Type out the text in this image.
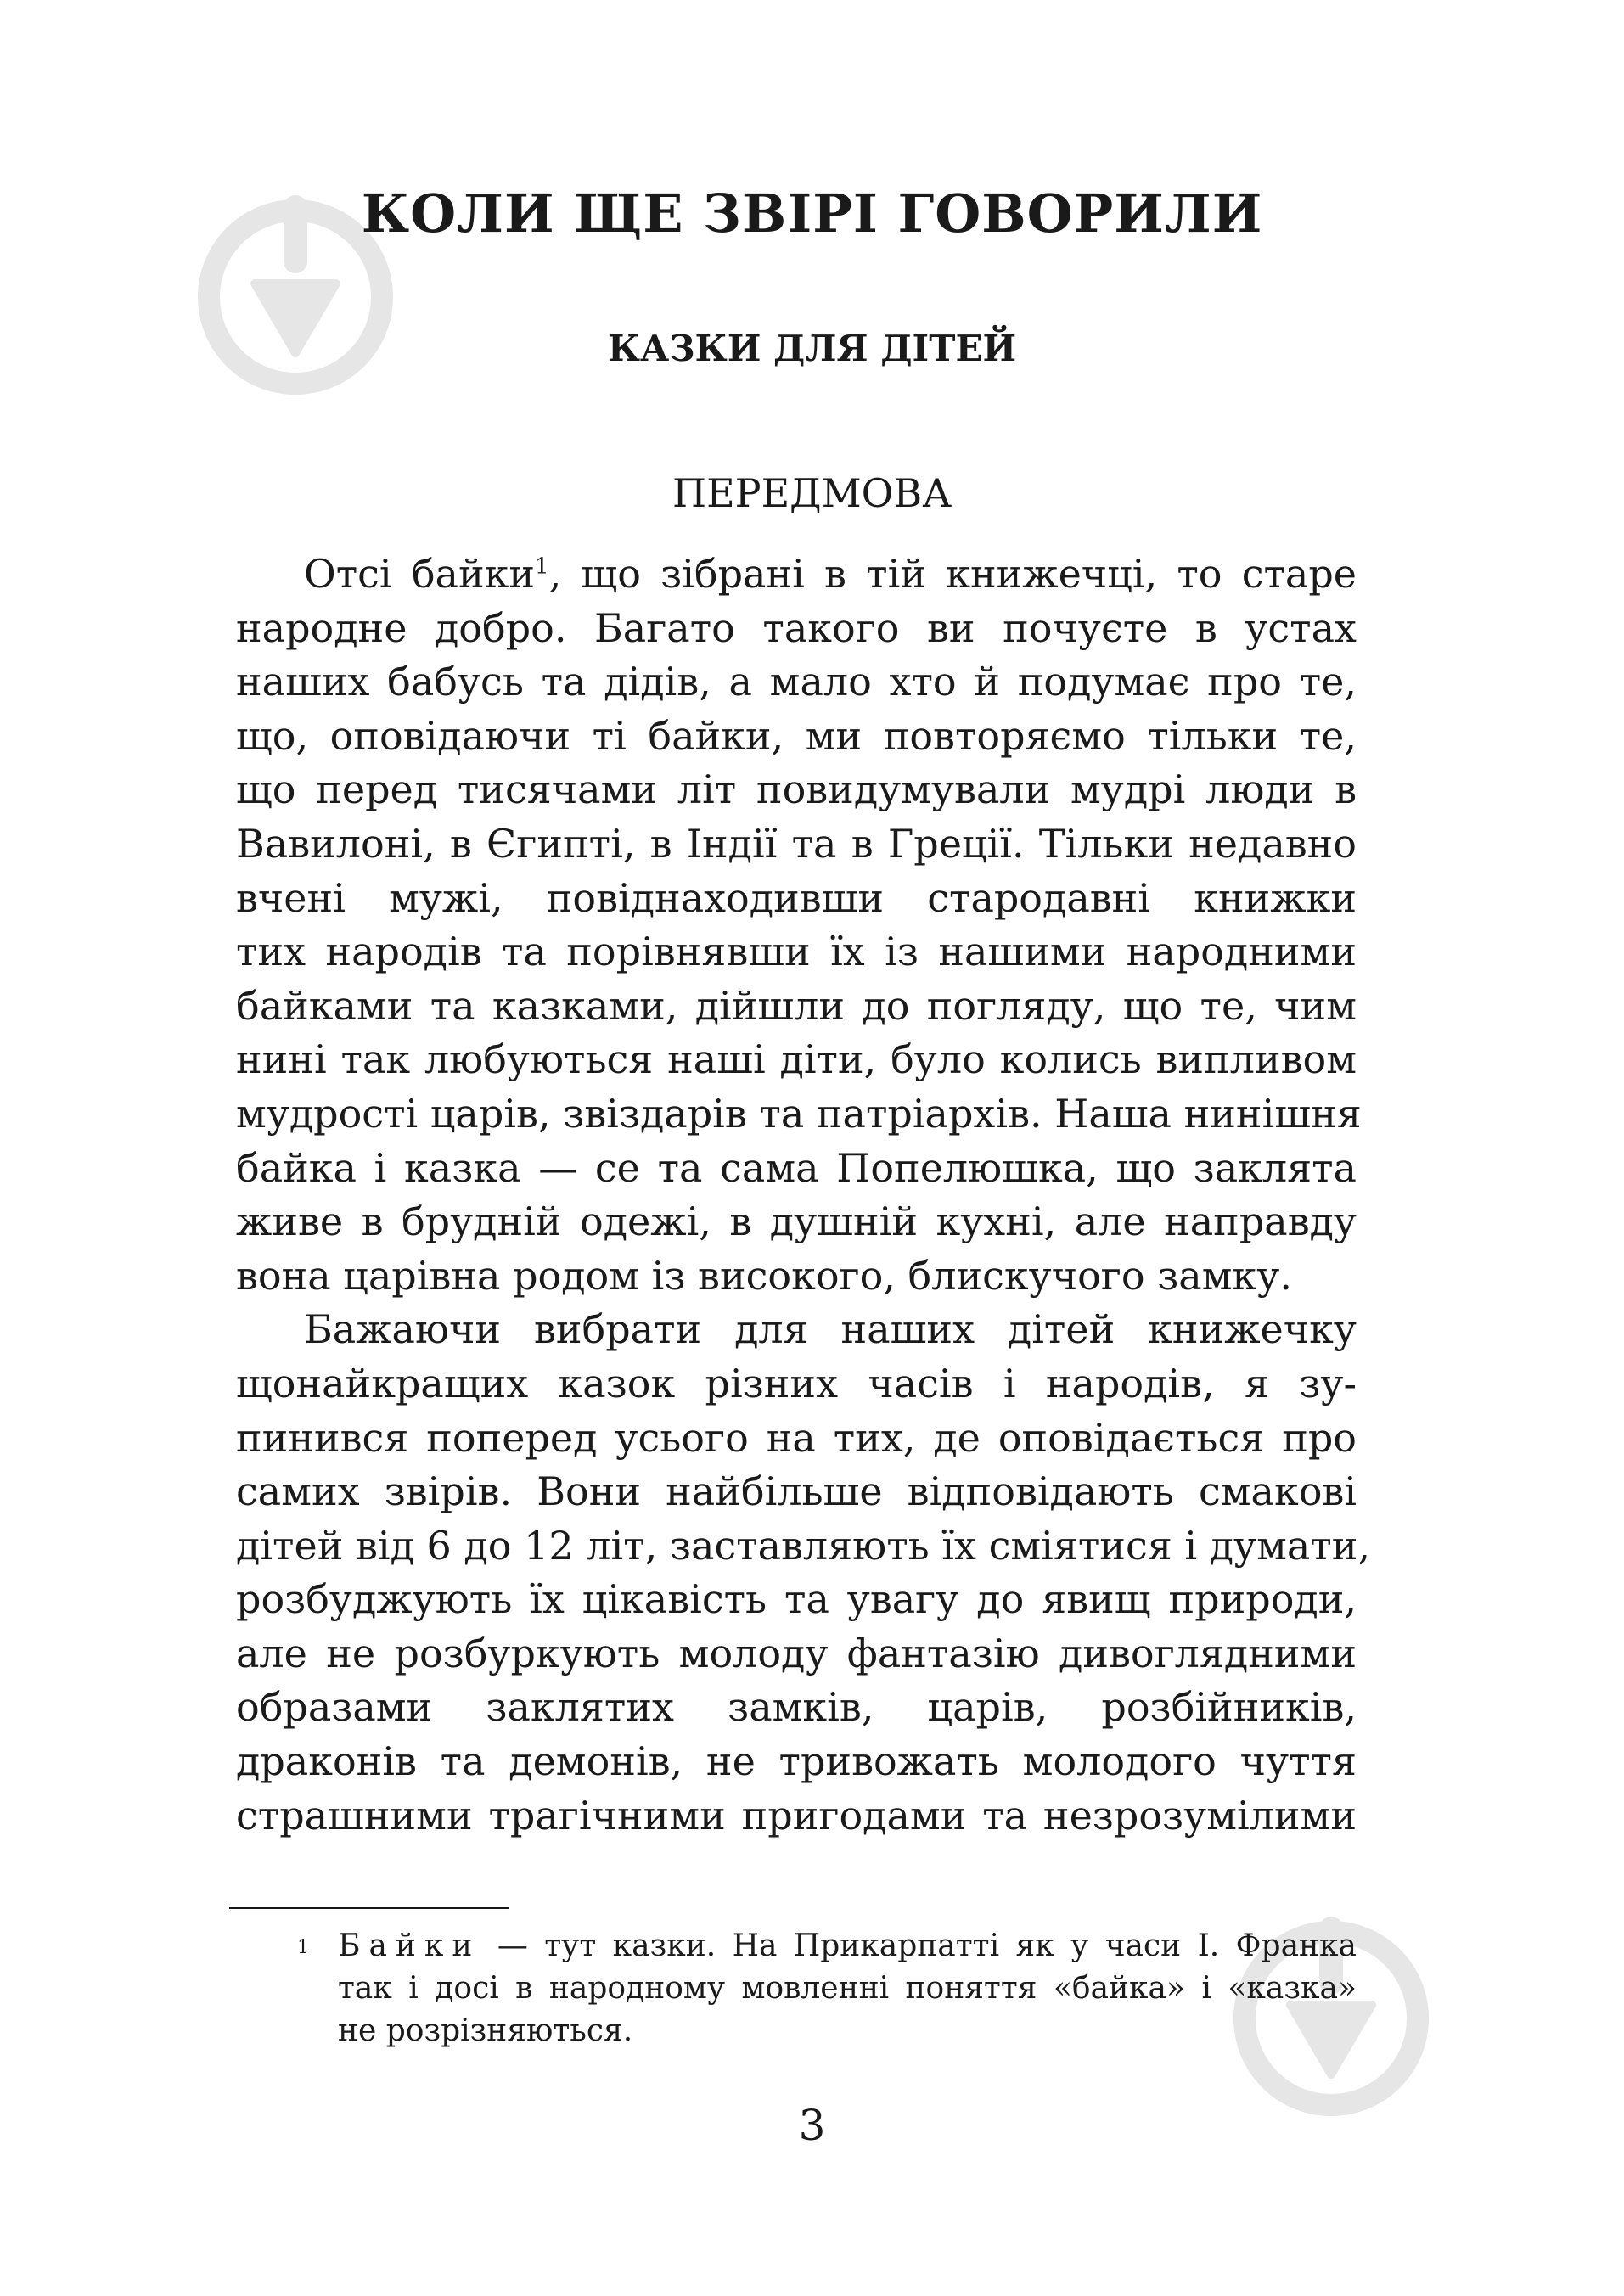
КОЛИ ЩЕ ЗВІРІ ГОВОРИЛИ
КАЗКИ ДЛЯ ДІТЕЙ
ПЕРЕДМОВА
Отсі байки$^1$, що зібрані в тій книжечці, то старе
народне добро. Багато такого ви почуєте в устах
наших бабусь та дідів, а мало хто й подумає про те,
що, оповідаючи ті байки, ми повторяємо тільки те,
що перед тисячами літ повидумували мудрі люди в
Вавилоні, в Єгипті, в Індії та в Греції. Тільки недавно
вчені мужі, повіднаходивши стародавні книжки
тих народів та порівнявши їх із нашими народними
байками та казками, дійшли до погляду, що те, чим
нині так любуються наші діти, було колись випливом
мудрості царів, звіздарів та патріархів. Наша нинішня
байка і казка — се та сама Попелюшка, що заклята
живе в брудній одежі, в душній кухні, але направду
вона царівна родом із високого, блискучого замку.
Бажаючи вибрати для наших дітей книжечку
щонайкращих казок різних часів і народів, я зу-
пинився поперед усього на тих, де оповідається про
самих звірів. Вони найбільше відповідають смакові
дітей від 6 до 12 літ, заставляють їх сміятися і думати,
розбуджують їх цікавість та увагу до явищ природи,
але не розбуркують молоду фантазію дивоглядними
образами заклятих замків, царів, розбійників,
драконів та демонів, не тривожать молодого чуття
страшними трагічними пригодами та незрозумілими
1 Байки — тут казки. На Прикарпатті як у часи І. Франка
так і досі в народному мовленні поняття «байка» і «казка»
не розрізняються.
3
